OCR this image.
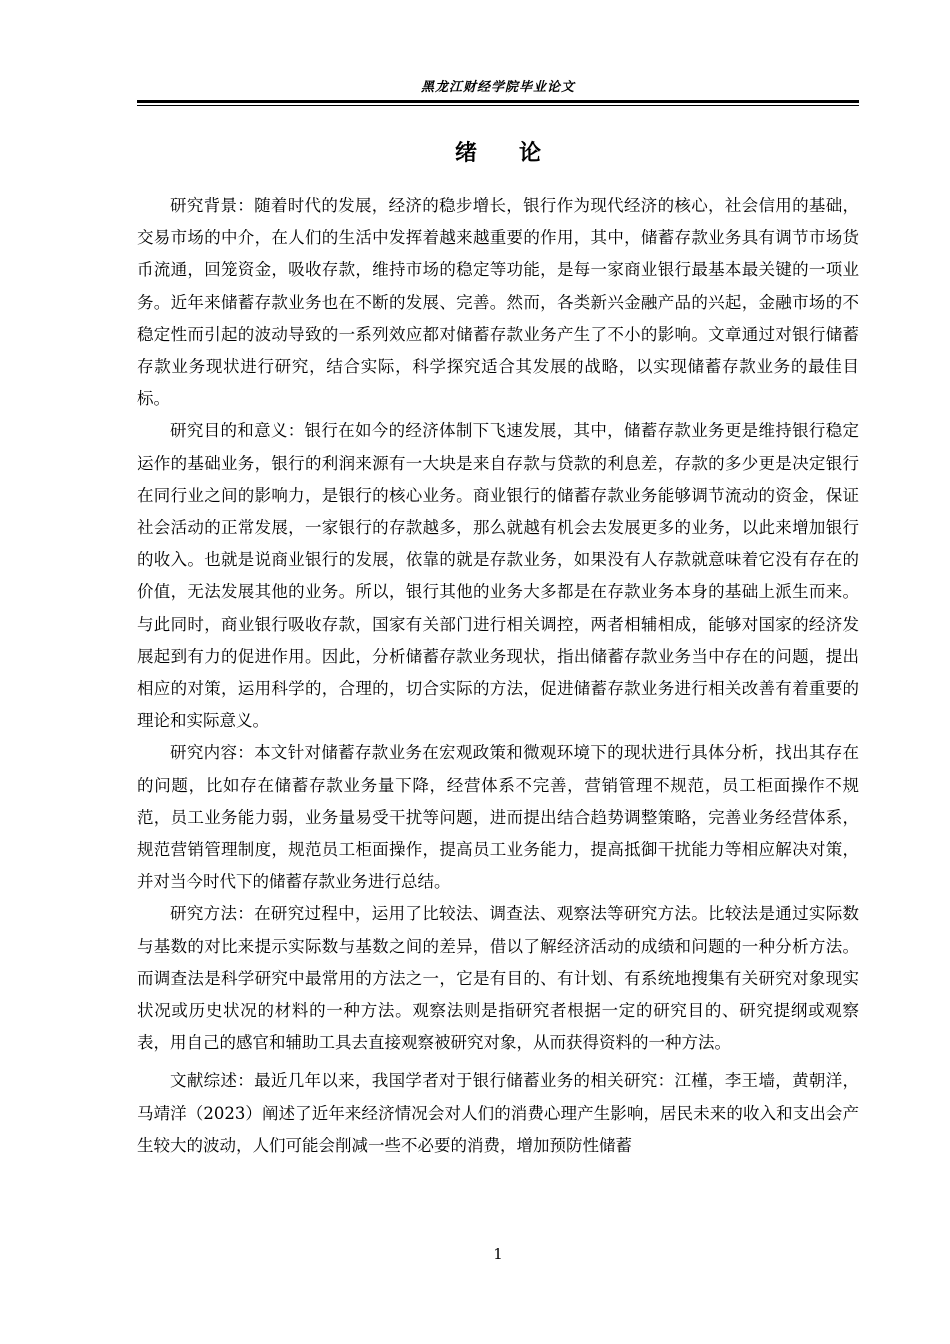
黑龙江财经学院毕业论文
绪论

研究背景：随着时代的发展，经济的稳步增长，银行作为现代经济的核心，社会信用的基础，交易市场的中介，在人们的生活中发挥着越来越重要的作用，其中，储蓄存款业务具有调节市场货币流通，回笼资金，吸收存款，维持市场的稳定等功能，是每一家商业银行最基本最关键的一项业务。近年来储蓄存款业务也在不断的发展、完善。然而，各类新兴金融产品的兴起，金融市场的不稳定性而引起的波动导致的一系列效应都对储蓄存款业务产生了不小的影响。文章通过对银行储蓄存款业务现状进行研究，结合实际，科学探究适合其发展的战略，以实现储蓄存款业务的最佳目标。

研究目的和意义：银行在如今的经济体制下飞速发展，其中，储蓄存款业务更是维持银行稳定运作的基础业务，银行的利润来源有一大块是来自存款与贷款的利息差，存款的多少更是决定银行在同行业之间的影响力，是银行的核心业务。商业银行的储蓄存款业务能够调节流动的资金，保证社会活动的正常发展，一家银行的存款越多，那么就越有机会去发展更多的业务，以此来增加银行的收入。也就是说商业银行的发展，依靠的就是存款业务，如果没有人存款就意味着它没有存在的价值，无法发展其他的业务。所以，银行其他的业务大多都是在存款业务本身的基础上派生而来。与此同时，商业银行吸收存款，国家有关部门进行相关调控，两者相辅相成，能够对国家的经济发展起到有力的促进作用。因此，分析储蓄存款业务现状，指出储蓄存款业务当中存在的问题，提出相应的对策，运用科学的，合理的，切合实际的方法，促进储蓄存款业务进行相关改善有着重要的理论和实际意义。

研究内容：本文针对储蓄存款业务在宏观政策和微观环境下的现状进行具体分析，找出其存在的问题，比如存在储蓄存款业务量下降，经营体系不完善，营销管理不规范，员工柜面操作不规范，员工业务能力弱，业务量易受干扰等问题，进而提出结合趋势调整策略，完善业务经营体系，规范营销管理制度，规范员工柜面操作，提高员工业务能力，提高抵御干扰能力等相应解决对策，并对当今时代下的储蓄存款业务进行总结。

研究方法：在研究过程中，运用了比较法、调查法、观察法等研究方法。比较法是通过实际数与基数的对比来提示实际数与基数之间的差异，借以了解经济活动的成绩和问题的一种分析方法。而调查法是科学研究中最常用的方法之一，它是有目的、有计划、有系统地搜集有关研究对象现实状况或历史状况的材料的一种方法。观察法则是指研究者根据一定的研究目的、研究提纲或观察表，用自己的感官和辅助工具去直接观察被研究对象，从而获得资料的一种方法。

文献综述：最近几年以来，我国学者对于银行储蓄业务的相关研究：江槿，李王墙，黄朝洋，马靖洋（2023）阐述了近年来经济情况会对人们的消费心理产生影响，居民未来的收入和支出会产生较大的波动，人们可能会削减一些不必要的消费，增加预防性储蓄

1
